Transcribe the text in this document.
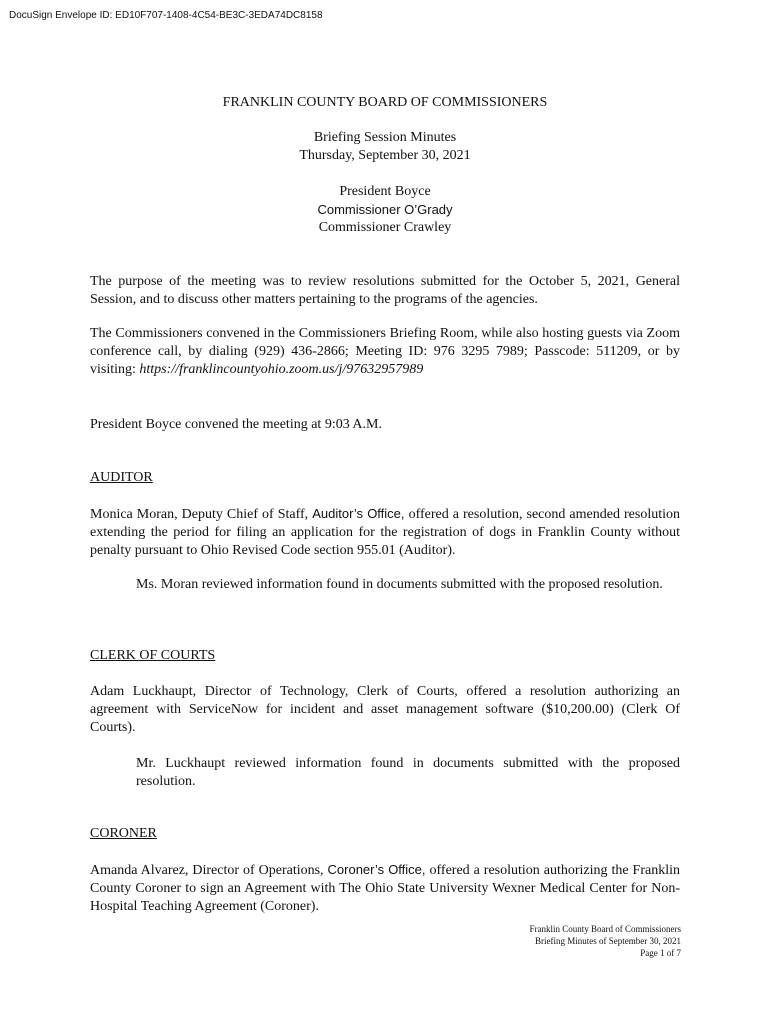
DocuSign Envelope ID: ED10F707-1408-4C54-BE3C-3EDA74DC8158
FRANKLIN COUNTY BOARD OF COMMISSIONERS
Briefing Session Minutes
Thursday, September 30, 2021
President Boyce
Commissioner O’Grady
Commissioner Crawley
The purpose of the meeting was to review resolutions submitted for the October 5, 2021, General Session, and to discuss other matters pertaining to the programs of the agencies.
The Commissioners convened in the Commissioners Briefing Room, while also hosting guests via Zoom conference call, by dialing (929) 436-2866; Meeting ID: 976 3295 7989; Passcode: 511209, or by visiting: https://franklincountyohio.zoom.us/j/97632957989
President Boyce convened the meeting at 9:03 A.M.
AUDITOR
Monica Moran, Deputy Chief of Staff, Auditor’s Office, offered a resolution, second amended resolution extending the period for filing an application for the registration of dogs in Franklin County without penalty pursuant to Ohio Revised Code section 955.01 (Auditor).
Ms. Moran reviewed information found in documents submitted with the proposed resolution.
CLERK OF COURTS
Adam Luckhaupt, Director of Technology, Clerk of Courts, offered a resolution authorizing an agreement with ServiceNow for incident and asset management software ($10,200.00) (Clerk Of Courts).
Mr. Luckhaupt reviewed information found in documents submitted with the proposed resolution.
CORONER
Amanda Alvarez, Director of Operations, Coroner’s Office, offered a resolution authorizing the Franklin County Coroner to sign an Agreement with The Ohio State University Wexner Medical Center for Non-Hospital Teaching Agreement (Coroner).
Franklin County Board of Commissioners
Briefing Minutes of September 30, 2021
Page 1 of 7
